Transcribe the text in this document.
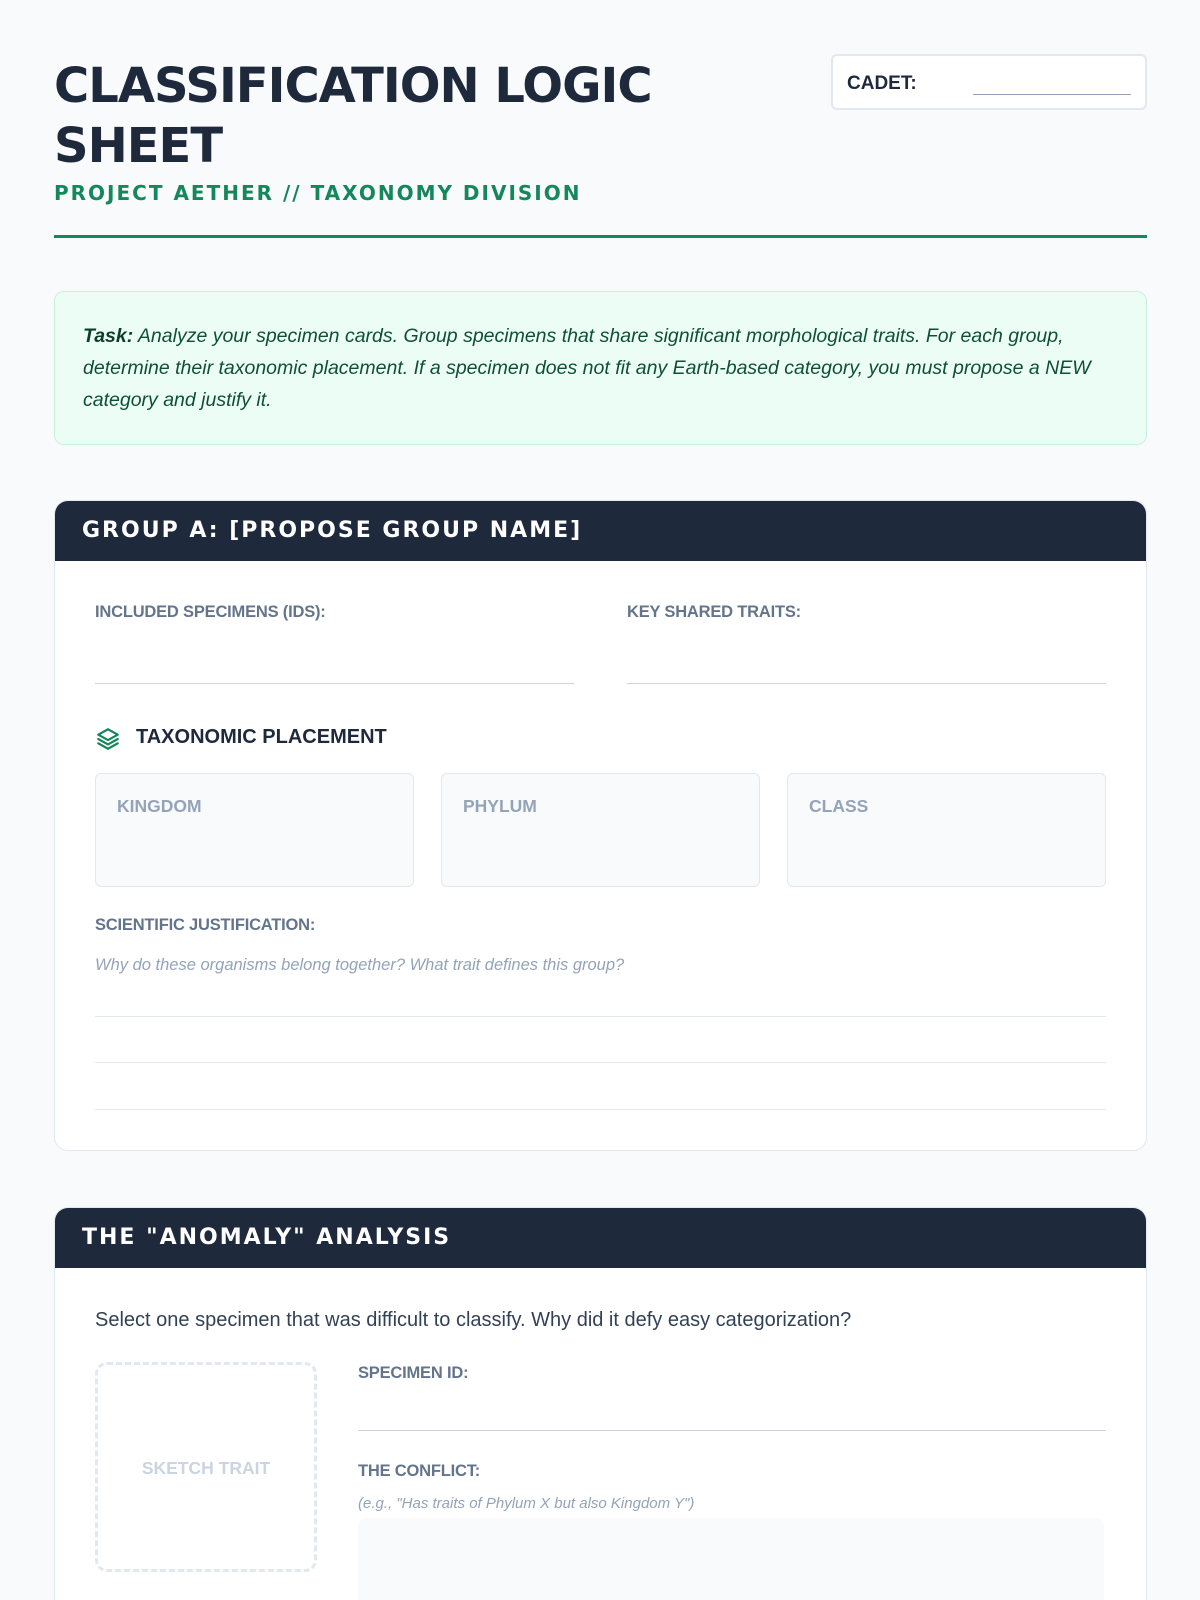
CLASSIFICATION LOGIC
SHEET
PROJECT AETHER // TAXONOMY DIVISION
CADET:
Task: Analyze your specimen cards. Group specimens that share significant morphological traits. For each group, determine their taxonomic placement. If a specimen does not fit any Earth-based category, you must propose a NEW category and justify it.
GROUP A: [PROPOSE GROUP NAME]
INCLUDED SPECIMENS (IDS):	KEY SHARED TRAITS:
TAXONOMIC PLACEMENT
KINGDOM	PHYLUM	CLASS
SCIENTIFIC JUSTIFICATION:
Why do these organisms belong together? What trait defines this group?
THE "ANOMALY" ANALYSIS
Select one specimen that was difficult to classify. Why did it defy easy categorization?
SKETCH TRAIT
SPECIMEN ID:
THE CONFLICT:
(e.g., "Has traits of Phylum X but also Kingdom Y")
